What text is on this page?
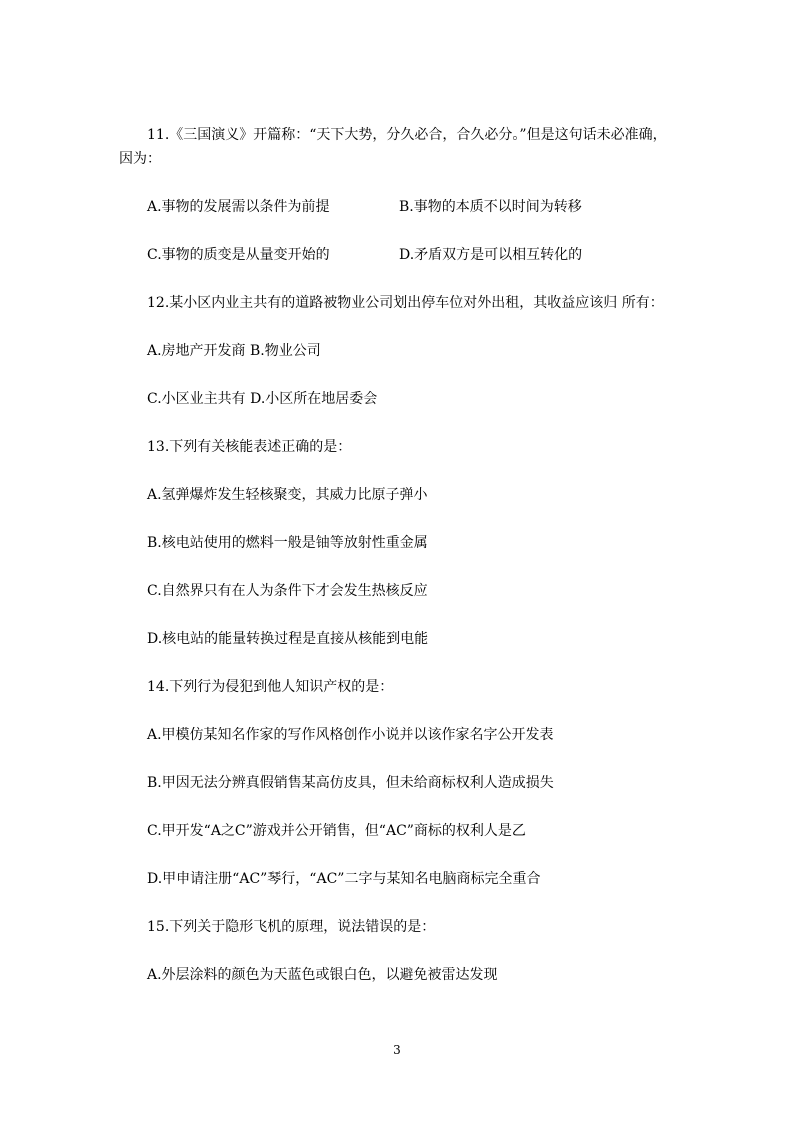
11.《三国演义》开篇称：“天下大势，分久必合，合久必分。”但是这句话未必准确，
因为：
A.事物的发展需以条件为前提	B.事物的本质不以时间为转移
C.事物的质变是从量变开始的	D.矛盾双方是可以相互转化的
12.某小区内业主共有的道路被物业公司划出停车位对外出租，其收益应该归 所有：
A.房地产开发商 B.物业公司
C.小区业主共有 D.小区所在地居委会
13.下列有关核能表述正确的是：
A.氢弹爆炸发生轻核聚变，其威力比原子弹小
B.核电站使用的燃料一般是铀等放射性重金属
C.自然界只有在人为条件下才会发生热核反应
D.核电站的能量转换过程是直接从核能到电能
14.下列行为侵犯到他人知识产权的是：
A.甲模仿某知名作家的写作风格创作小说并以该作家名字公开发表
B.甲因无法分辨真假销售某高仿皮具，但未给商标权利人造成损失
C.甲开发“A之C”游戏并公开销售，但“AC”商标的权利人是乙
D.甲申请注册“AC”琴行，“AC”二字与某知名电脑商标完全重合
15.下列关于隐形飞机的原理，说法错误的是：
A.外层涂料的颜色为天蓝色或银白色，以避免被雷达发现
3
